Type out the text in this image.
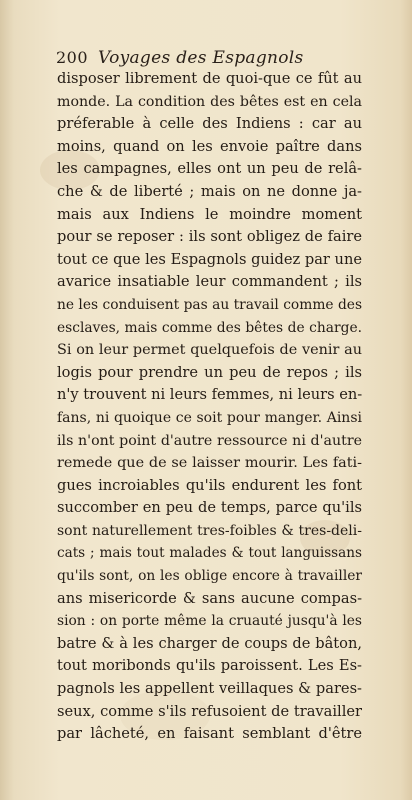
200 Voyages des Espagnols
disposer librement de quoi-que ce fût au
monde. La condition des bêtes est en cela
préferable à celle des Indiens : car au
moins, quand on les envoie paître dans
les campagnes, elles ont un peu de relâ-
che & de liberté ; mais on ne donne ja-
mais aux Indiens le moindre moment
pour se reposer : ils sont obligez de faire
tout ce que les Espagnols guidez par une
avarice insatiable leur commandent ; ils
ne les conduisent pas au travail comme des
esclaves, mais comme des bêtes de charge.
Si on leur permet quelquefois de venir au
logis pour prendre un peu de repos ; ils
n'y trouvent ni leurs femmes, ni leurs en-
fans, ni quoique ce soit pour manger. Ainsi
ils n'ont point d'autre ressource ni d'autre
remede que de se laisser mourir. Les fati-
gues incroiables qu'ils endurent les font
succomber en peu de temps, parce qu'ils
sont naturellement tres-foibles & tres-deli-
cats ; mais tout malades & tout languissans
qu'ils sont, on les oblige encore à travailler
ans misericorde & sans aucune compas-
sion : on porte même la cruauté jusqu'à les
batre & à les charger de coups de bâton,
tout moribonds qu'ils paroissent. Les Es-
pagnols les appellent veillaques & pares-
seux, comme s'ils refusoient de travailler
par lâcheté, en faisant semblant d'être
